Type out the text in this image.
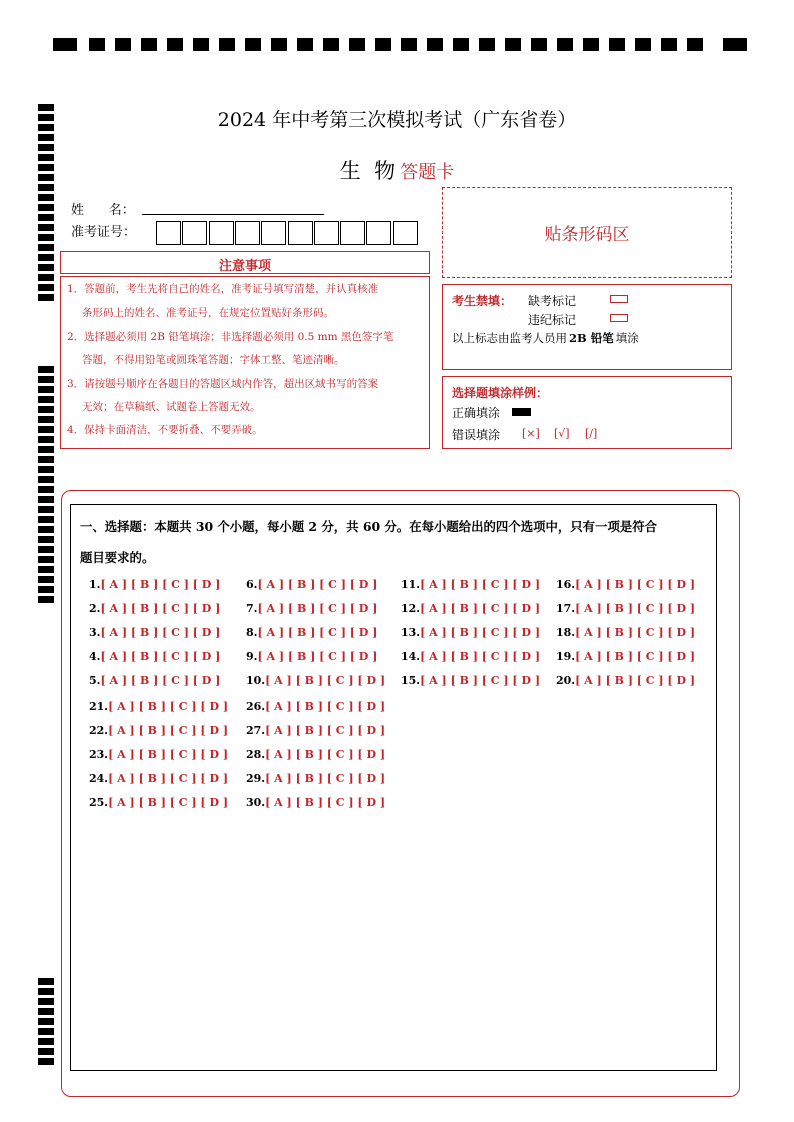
2024 年中考第三次模拟考试（广东省卷）
生  物 答题卡
姓      名：
准考证号：	贴条形码区
注意事项
1．答题前，考生先将自己的姓名，准考证号填写清楚，并认真核准
条形码上的姓名、准考证号，在规定位置贴好条形码。
2．选择题必须用 2B 铅笔填涂；非选择题必须用 0.5 mm 黑色签字笔
答题，不得用铅笔或圆珠笔答题；字体工整、笔迹清晰。
3．请按题号顺序在各题目的答题区域内作答，超出区域书写的答案
无效；在草稿纸、试题卷上答题无效。
4．保持卡面清洁，不要折叠、不要弄破。
考生禁填： 缺考标记
违纪标记
以上标志由监考人员用 2B 铅笔 填涂
选择题填涂样例：
正确填涂
错误填涂 [×] [√] [/]
一、选择题：本题共 30 个小题，每小题 2 分，共 60 分。在每小题给出的四个选项中，只有一项是符合
题目要求的。
1.[ A ] [ B ] [ C ] [ D ]
2.[ A ] [ B ] [ C ] [ D ]
3.[ A ] [ B ] [ C ] [ D ]
4.[ A ] [ B ] [ C ] [ D ]
5.[ A ] [ B ] [ C ] [ D ]
6.[ A ] [ B ] [ C ] [ D ]
7.[ A ] [ B ] [ C ] [ D ]
8.[ A ] [ B ] [ C ] [ D ]
9.[ A ] [ B ] [ C ] [ D ]
10.[ A ] [ B ] [ C ] [ D ]
11.[ A ] [ B ] [ C ] [ D ]
12.[ A ] [ B ] [ C ] [ D ]
13.[ A ] [ B ] [ C ] [ D ]
14.[ A ] [ B ] [ C ] [ D ]
15.[ A ] [ B ] [ C ] [ D ]
16.[ A ] [ B ] [ C ] [ D ]
17.[ A ] [ B ] [ C ] [ D ]
18.[ A ] [ B ] [ C ] [ D ]
19.[ A ] [ B ] [ C ] [ D ]
20.[ A ] [ B ] [ C ] [ D ]
21.[ A ] [ B ] [ C ] [ D ]
22.[ A ] [ B ] [ C ] [ D ]
23.[ A ] [ B ] [ C ] [ D ]
24.[ A ] [ B ] [ C ] [ D ]
25.[ A ] [ B ] [ C ] [ D ]
26.[ A ] [ B ] [ C ] [ D ]
27.[ A ] [ B ] [ C ] [ D ]
28.[ A ] [ B ] [ C ] [ D ]
29.[ A ] [ B ] [ C ] [ D ]
30.[ A ] [ B ] [ C ] [ D ]
